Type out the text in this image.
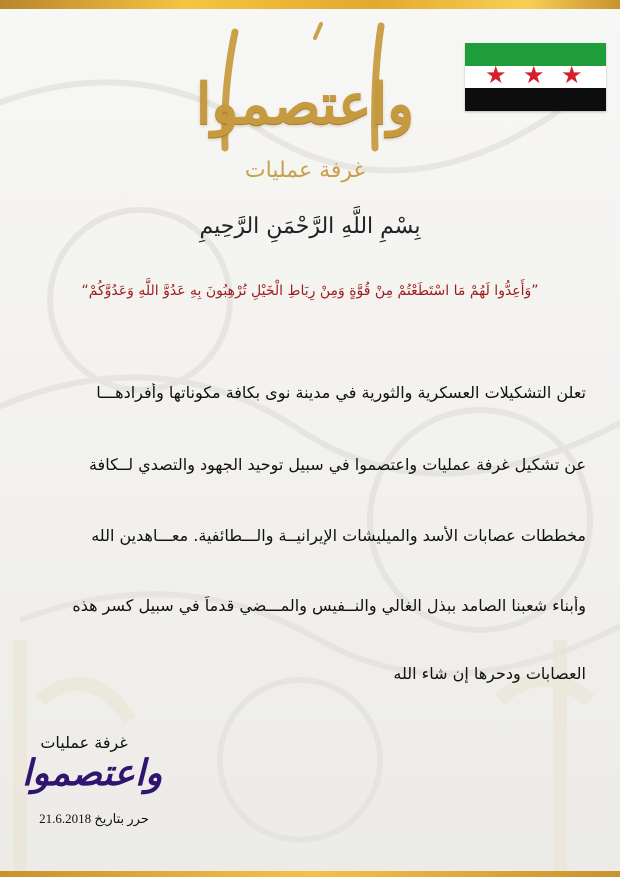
واعتصموا
غرفة عمليات
★ ★ ★
بِسْمِ اللَّهِ الرَّحْمَنِ الرَّحِيمِ
”وَأَعِدُّوا لَهُمْ مَا اسْتَطَعْتُمْ مِنْ قُوَّةٍ وَمِنْ رِبَاطِ الْخَيْلِ تُرْهِبُونَ بِهِ عَدُوَّ اللَّهِ وَعَدُوَّكُمْ“
تعلن التشكيلات العسكرية والثورية في مدينة نوى بكافة مكوناتها وأفرادهـــا
عن تشكيل غرفة عمليات واعتصموا في سبيل توحيد الجهود والتصدي لــكافة
مخططات عصابات الأسد والميليشات الإيرانيــة والـــطائفية. معـــاهدين الله
وأبناء شعبنا الصامد ببذل الغالي والنــفيس والمـــضي قدماً في سبيل كسر هذه
العصابات ودحرها إن شاء الله
غرفة عمليات
واعتصموا
حرر بتاريخ 21.6.2018
